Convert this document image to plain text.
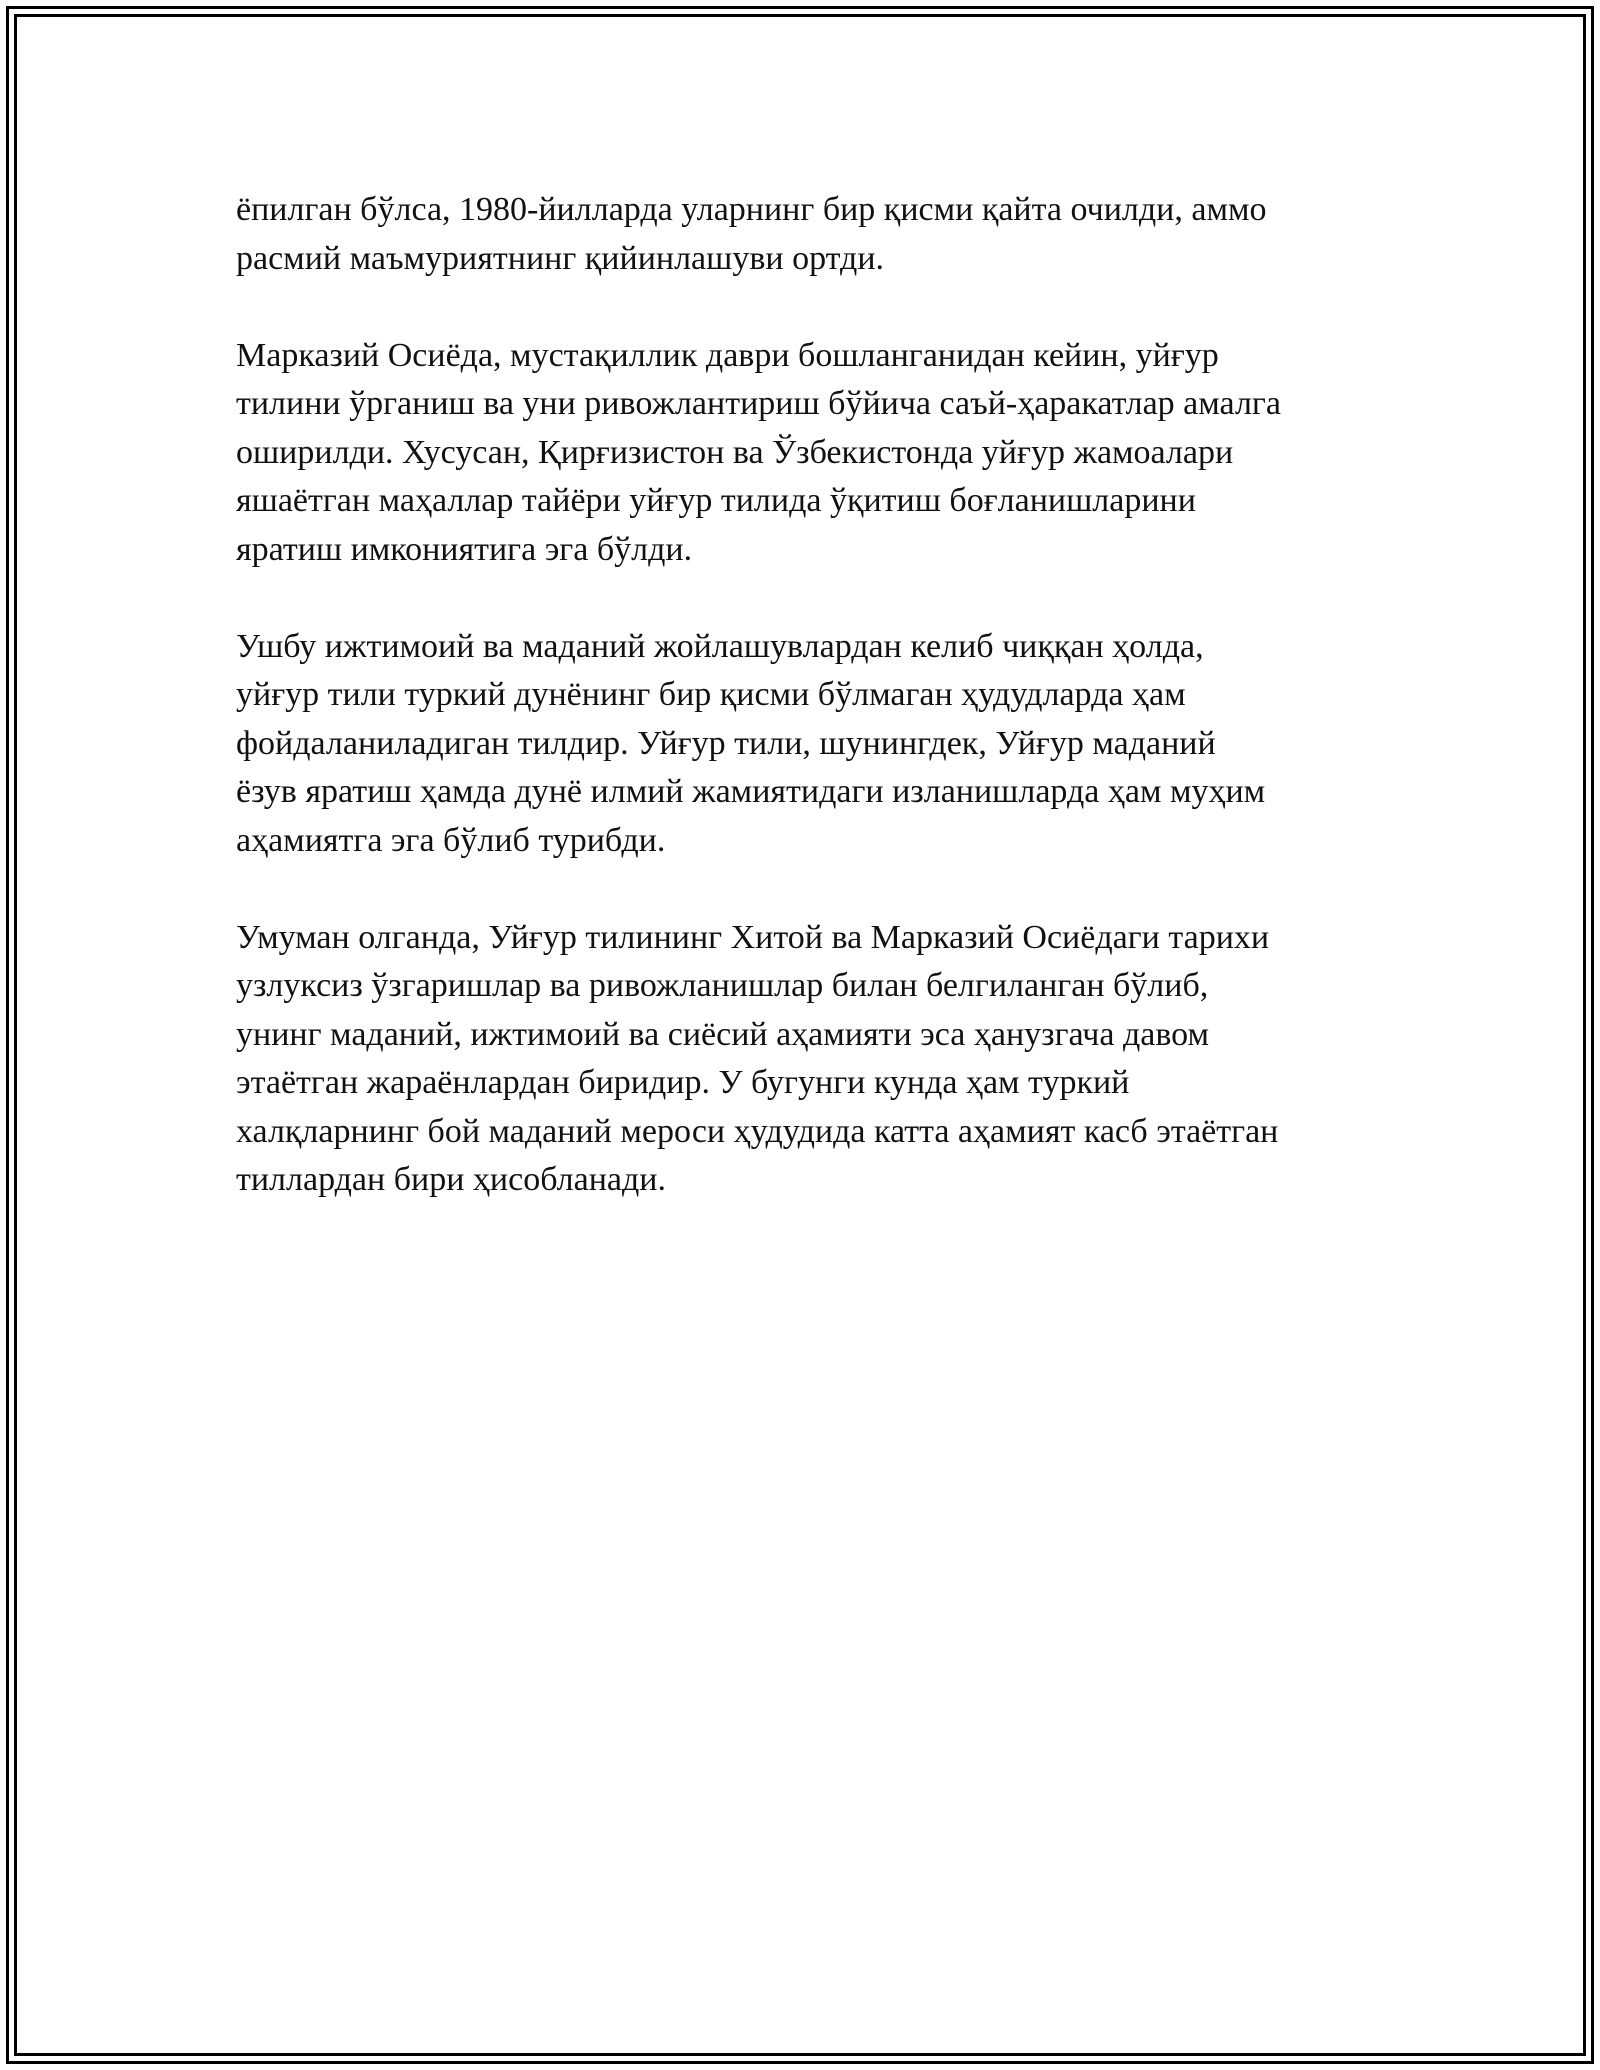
ёпилган бўлса, 1980-йилларда уларнинг бир қисми қайта очилди, аммо
расмий маъмуриятнинг қийинлашуви ортди.

Марказий Осиёда, мустақиллик даври бошланганидан кейин, уйғур
тилини ўрганиш ва уни ривожлантириш бўйича саъй-ҳаракатлар амалга
оширилди. Хусусан, Қирғизистон ва Ўзбекистонда уйғур жамоалари
яшаётган маҳаллар тайёри уйғур тилида ўқитиш боғланишларини
яратиш имкониятига эга бўлди.

Ушбу ижтимоий ва маданий жойлашувлардан келиб чиққан ҳолда,
уйғур тили туркий дунёнинг бир қисми бўлмаган ҳудудларда ҳам
фойдаланиладиган тилдир. Уйғур тили, шунингдек, Уйғур маданий
ёзув яратиш ҳамда дунё илмий жамиятидаги изланишларда ҳам муҳим
аҳамиятга эга бўлиб турибди.

Умуман олганда, Уйғур тилининг Хитой ва Марказий Осиёдаги тарихи
узлуксиз ўзгаришлар ва ривожланишлар билан белгиланган бўлиб,
унинг маданий, ижтимоий ва сиёсий аҳамияти эса ҳанузгача давом
этаётган жараёнлардан биридир. У бугунги кунда ҳам туркий
халқларнинг бой маданий мероси ҳудудида катта аҳамият касб этаётган
тиллардан бири ҳисобланади.
